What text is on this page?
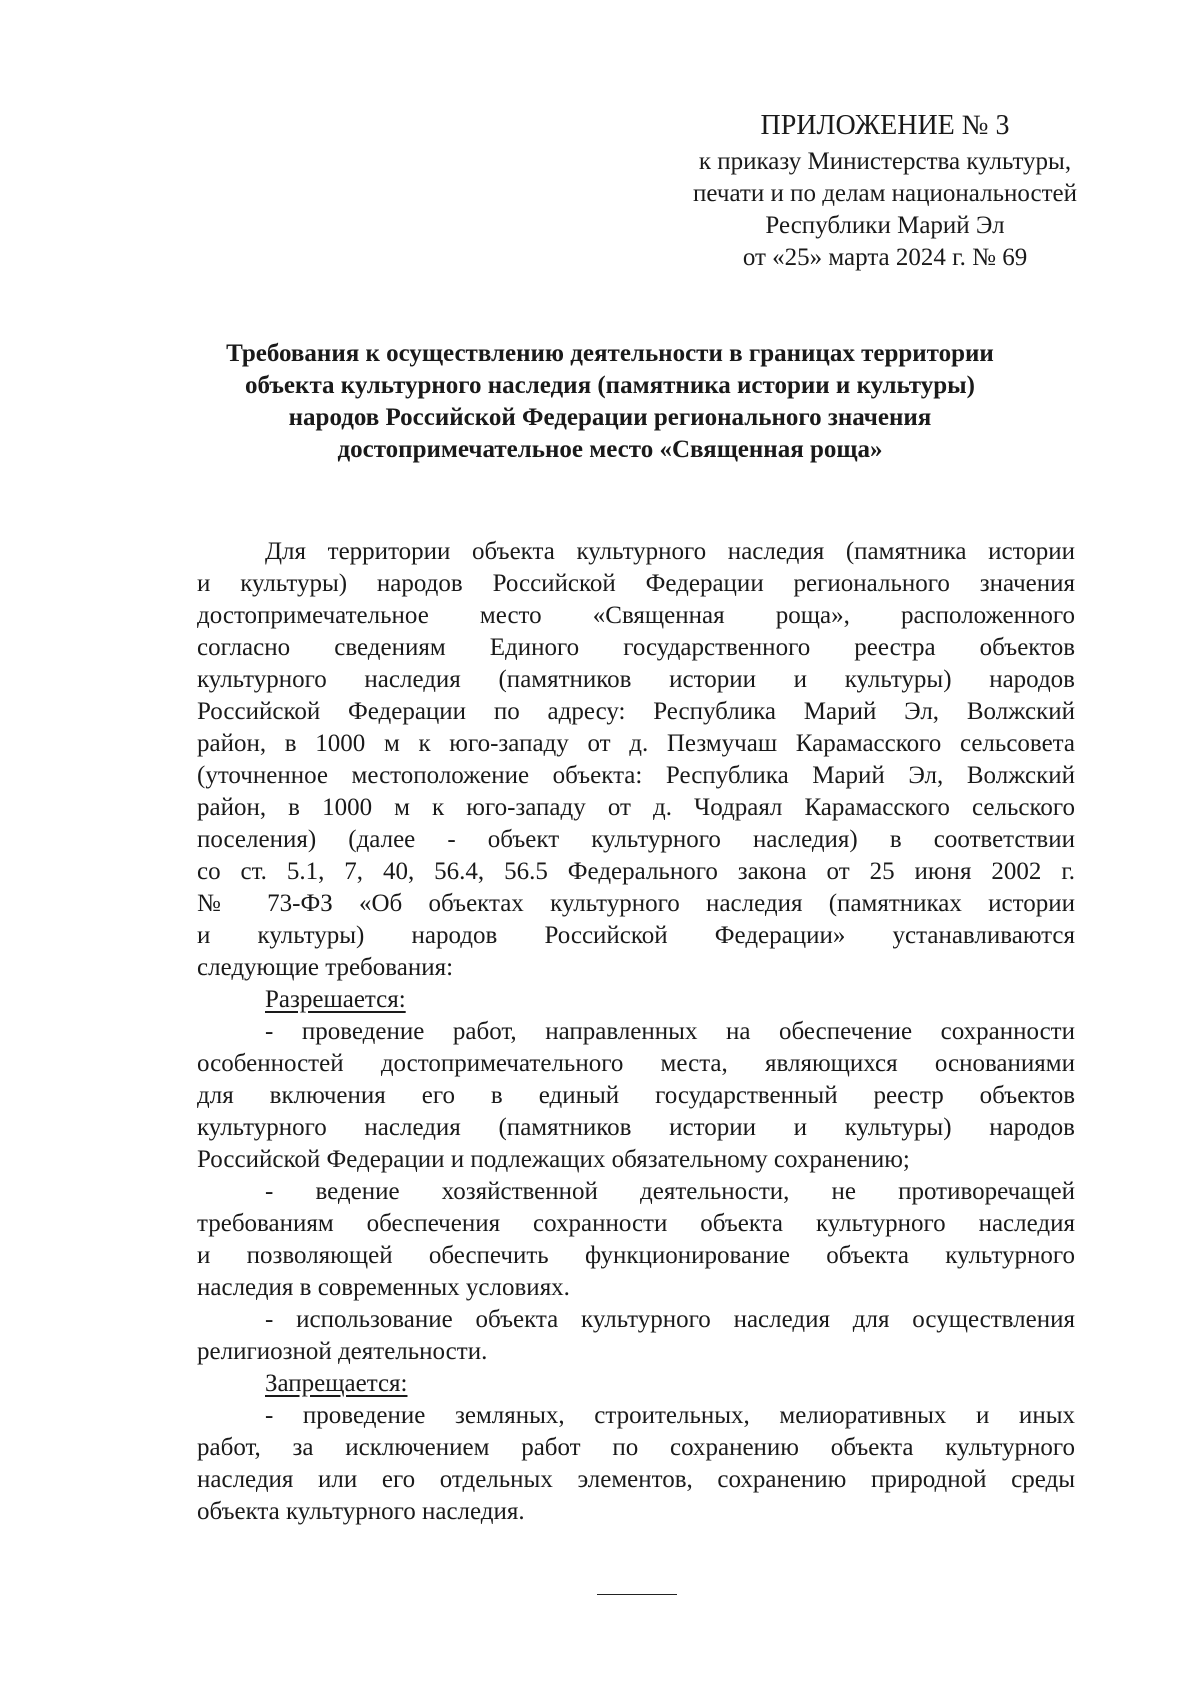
ПРИЛОЖЕНИЕ № 3
к приказу Министерства культуры,
печати и по делам национальностей
Республики Марий Эл
от «25» марта 2024 г. № 69
Требования к осуществлению деятельности в границах территории
объекта культурного наследия (памятника истории и культуры)
народов Российской Федерации регионального значения
достопримечательное место «Священная роща»
Для территории объекта культурного наследия (памятника истории
и культуры) народов Российской Федерации регионального значения
достопримечательное место «Священная роща», расположенного
согласно сведениям Единого государственного реестра объектов
культурного наследия (памятников истории и культуры) народов
Российской Федерации по адресу: Республика Марий Эл, Волжский
район, в 1000 м к юго-западу от д. Пезмучаш Карамасского сельсовета
(уточненное местоположение объекта: Республика Марий Эл, Волжский
район, в 1000 м к юго-западу от д. Чодраял Карамасского сельского
поселения) (далее - объект культурного наследия) в соответствии
со ст. 5.1, 7, 40, 56.4, 56.5 Федерального закона от 25 июня 2002 г.
№ 73-ФЗ «Об объектах культурного наследия (памятниках истории
и культуры) народов Российской Федерации» устанавливаются
следующие требования:
Разрешается:
- проведение работ, направленных на обеспечение сохранности
особенностей достопримечательного места, являющихся основаниями
для включения его в единый государственный реестр объектов
культурного наследия (памятников истории и культуры) народов
Российской Федерации и подлежащих обязательному сохранению;
- ведение хозяйственной деятельности, не противоречащей
требованиям обеспечения сохранности объекта культурного наследия
и позволяющей обеспечить функционирование объекта культурного
наследия в современных условиях.
- использование объекта культурного наследия для осуществления
религиозной деятельности.
Запрещается:
- проведение земляных, строительных, мелиоративных и иных
работ, за исключением работ по сохранению объекта культурного
наследия или его отдельных элементов, сохранению природной среды
объекта культурного наследия.
